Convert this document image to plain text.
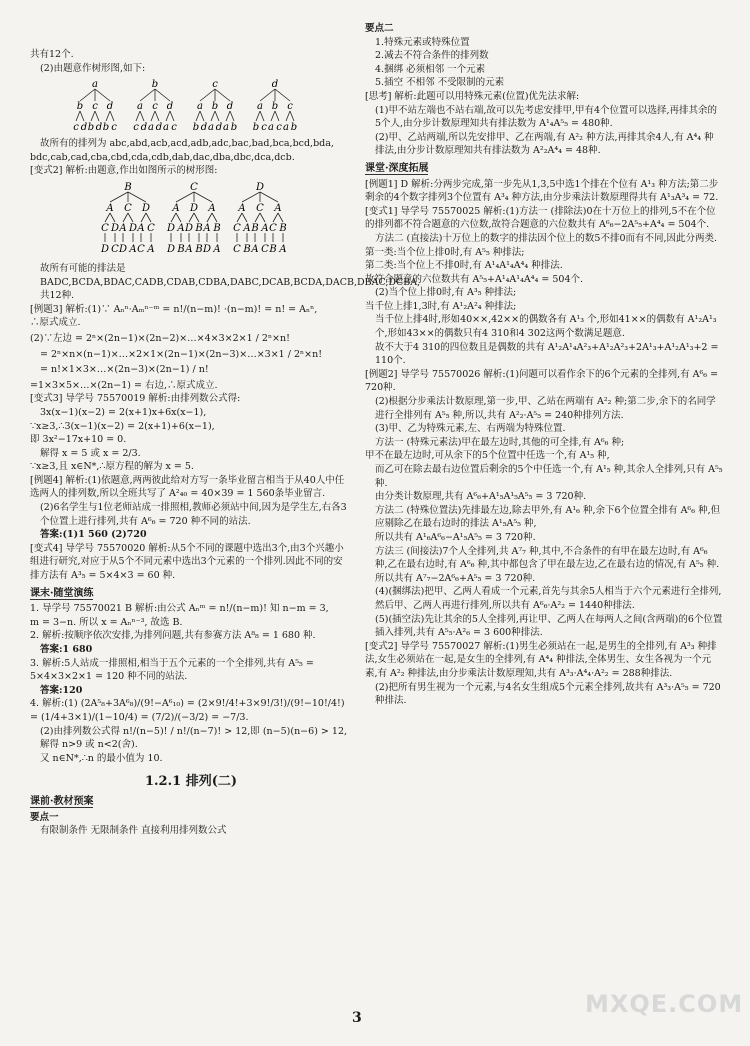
共有12个.

(2)由题意作树形图,如下:

a
b
c d
c
b d
d
b c
b
a
c d
c
a d
d
a c
c
a
b d
b
a d
d
a b
d
a
b c
b
a c
c
a b

故所有的排列为 abc,abd,acb,acd,adb,adc,bac,bad,bca,bcd,bda,

bdc,cab,cad,cba,cbd,cda,cdb,dab,dac,dba,dbc,dca,dcb.

[变式2] 解析:由题意,作出如图所示的树形图:

B
A
C
D
D
C
C
A
D
D
A
D
A
C
C
A
C
A
D
D
A
B
D
D
A
B
B
A
A
D
B
A
D
A
C
C
A
B
C
B
A
A
C
A
C
B
B
A

故所有可能的排法是 BADC,BCDA,BDAC,CADB,CDAB,CDBA,DABC,DCAB,BCDA,DACB,DBAC,DCBA,共12种.

[例题3] 解析:(1)∵ Aₙⁿ·Aₘⁿ⁻ᵐ = n!/(n−m)! ·(n−m)! = n! = Aₙⁿ,

∴原式成立.

(2)∵左边 = 2ⁿ×(2n−1)×(2n−2)×…×4×3×2×1 / 2ⁿ×n!

= 2ⁿ×n×(n−1)×…×2×1×(2n−1)×(2n−3)×…×3×1 / 2ⁿ×n!

= n!×1×3×…×(2n−3)×(2n−1) / n!

=1×3×5×…×(2n−1) = 右边,∴原式成立.

[变式3] 导学号 75570019 解析:由排列数公式得:

3x(x−1)(x−2) = 2(x+1)x+6x(x−1),

∵x≥3,∴3(x−1)(x−2) = 2(x+1)+6(x−1),

即 3x²−17x+10 = 0.

解得 x = 5 或 x = 2/3.

∵x≥3,且 x∈N*,∴原方程的解为 x = 5.

[例题4] 解析:(1)依题意,两两彼此给对方写一条毕业留言相当于从40人中任选两人的排列数,所以全班共写了 A²₄₀ = 40×39 = 1 560条毕业留言.

(2)6名学生与1位老师站成一排照相,教师必须站中间,因为是学生左,右各3个位置上进行排列,共有 A⁶₆ = 720 种不同的站法.

答案:(1)1 560 (2)720

[变式4] 导学号 75570020 解析:从5个不同的课题中选出3个,由3个兴趣小组进行研究,对应于从5个不同元素中选出3个元素的一个排列.因此不同的安排方法有 A³₅ = 5×4×3 = 60 种.

课末·随堂演练

1. 导学号 75570021 B 解析:由公式 Aₙᵐ = n!/(n−m)! 知 n−m = 3,

m = 3−n. 所以 x = Aₙⁿ⁻³, 故选 B.

2. 解析:按顺序依次安排,为排列问题,共有参赛方法 A⁸₈ = 1 680 种.

答案:1 680

3. 解析:5人站成一排照相,相当于五个元素的一个全排列,共有 A⁵₅ = 5×4×3×2×1 = 120 种不同的站法.

答案:120

4. 解析:(1) (2A⁵₈+3A⁶₈)/(9!−A⁶₁₀) = (2×9!/4!+3×9!/3!)/(9!−10!/4!) = (1/4+3×1)/(1−10/4) = (7/2)/(−3/2) = −7/3.

(2)由排列数公式得 n!/(n−5)! / n!/(n−7)! > 12,即 (n−5)(n−6) > 12,

解得 n>9 或 n<2(舍).

又 n∈N*,∴n 的最小值为 10.

1.2.1 排列(二)
课前·教材预案

要点一

有限制条件 无限制条件 直接利用排列数公式

要点二

1.特殊元素或特殊位置

2.减去不符合条件的排列数

4.捆绑 必须相邻 一个元素

5.插空 不相邻 不受限制的元素

[思考] 解析:此题可以用特殊元素(位置)优先法求解:

(1)甲不站左端也不站右端,故可以先考虑安排甲,甲有4个位置可以选择,再排其余的5个人,由分步计数原理知共有排法数为 A¹₄A⁵₅ = 480种.

(2)甲、乙站两端,所以先安排甲、乙在两端,有 A²₂ 种方法,再排其余4人,有 A⁴₄ 种排法,由分步计数原理知共有排法数为 A²₂A⁴₄ = 48种.

课堂·深度拓展

[例题1] D 解析:分两步完成,第一步先从1,3,5中选1个排在个位有 A¹₃ 种方法;第二步剩余的4个数字排列3个位置有 A³₄ 种方法,由分步乘法计数原理得共有 A¹₃A³₄ = 72.

[变式1] 导学号 75570025 解析:(1)方法一 (排除法)0在十万位上的排列,5不在个位的排列都不符合题意的六位数,故符合题意的六位数共有 A⁶₆−2A⁵₅+A⁴₄ = 504个.

方法二 (直接法)十万位上的数字的排法因个位上的数5不排0而有不同,因此分两类.

第一类:当个位上排0时,有 A⁵₅ 种排法;

第二类:当个位上不排0时,有 A¹₄A¹₄A⁴₄ 种排法.

故符合题意的六位数共有 A⁵₅+A¹₄A¹₄A⁴₄ = 504个.

(2)当个位上排0时,有 A³₅ 种排法;

当千位上排1,3时,有 A¹₂A²₄ 种排法;

当千位上排4时,形如40××,42××的偶数各有 A¹₃ 个,形如41××的偶数有 A¹₂A¹₃ 个,形如43××的偶数只有4 310和4 302这两个数满足题意.

故不大于4 310的四位数且是偶数的共有 A¹₂A¹₄A²₃+A¹₂A²₃+2A¹₃+A¹₂A¹₃+2 = 110个.

[例题2] 导学号 75570026 解析:(1)问题可以看作余下的6个元素的全排列,有 A⁶₆ = 720种.

(2)根据分步乘法计数原理,第一步,甲、乙站在两端有 A²₂ 种;第二步,余下的名同学进行全排列有 A⁵₅ 种,所以,共有 A²₂·A⁵₅ = 240种排列方法.

(3)甲、乙为特殊元素,左、右两端为特殊位置.

方法一 (特殊元素法)甲在最左边时,其他的可全排,有 A⁶₆ 种;

甲不在最左边时,可从余下的5个位置中任选一个,有 A¹₅ 种,

而乙可在除去最右边位置后剩余的5个中任选一个,有 A¹₅ 种,其余人全排列,只有 A⁵₅ 种.

由分类计数原理,共有 A⁶₆+A¹₅A¹₅A⁵₅ = 3 720种.

方法二 (特殊位置法)先排最左边,除去甲外,有 A¹₆ 种,余下6个位置全排有 A⁶₆ 种,但应剔除乙在最右边时的排法 A¹₅A⁵₅ 种,

所以共有 A¹₆A⁶₆−A¹₅A⁵₅ = 3 720种.

方法三 (间接法)7个人全排列,共 A⁷₇ 种,其中,不合条件的有甲在最左边时,有 A⁶₆ 种,乙在最右边时,有 A⁶₆ 种,其中都包含了甲在最左边,乙在最右边的情况,有 A⁵₅ 种.

所以共有 A⁷₇−2A⁶₆+A⁵₅ = 3 720种.

(4)(捆绑法)把甲、乙两人看成一个元素,首先与其余5人相当于六个元素进行全排列,然后甲、乙两人再进行排列,所以共有 A⁶₆·A²₂ = 1440种排法.

(5)(插空法)先让其余的5人全排列,再让甲、乙两人在每两人之间(含两端)的6个位置插入排列,共有 A⁵₅·A²₆ = 3 600种排法.

[变式2] 导学号 75570027 解析:(1)男生必须站在一起,是男生的全排列,有 A³₃ 种排法,女生必须站在一起,是女生的全排列,有 A⁴₄ 种排法,全体男生、女生各视为一个元素,有 A²₂ 种排法,由分步乘法计数原理知,共有 A³₃·A⁴₄·A²₂ = 288种排法.

(2)把所有男生视为一个元素,与4名女生组成5个元素全排列,故共有 A³₃·A⁵₅ = 720种排法.

3	MXQE.COM
